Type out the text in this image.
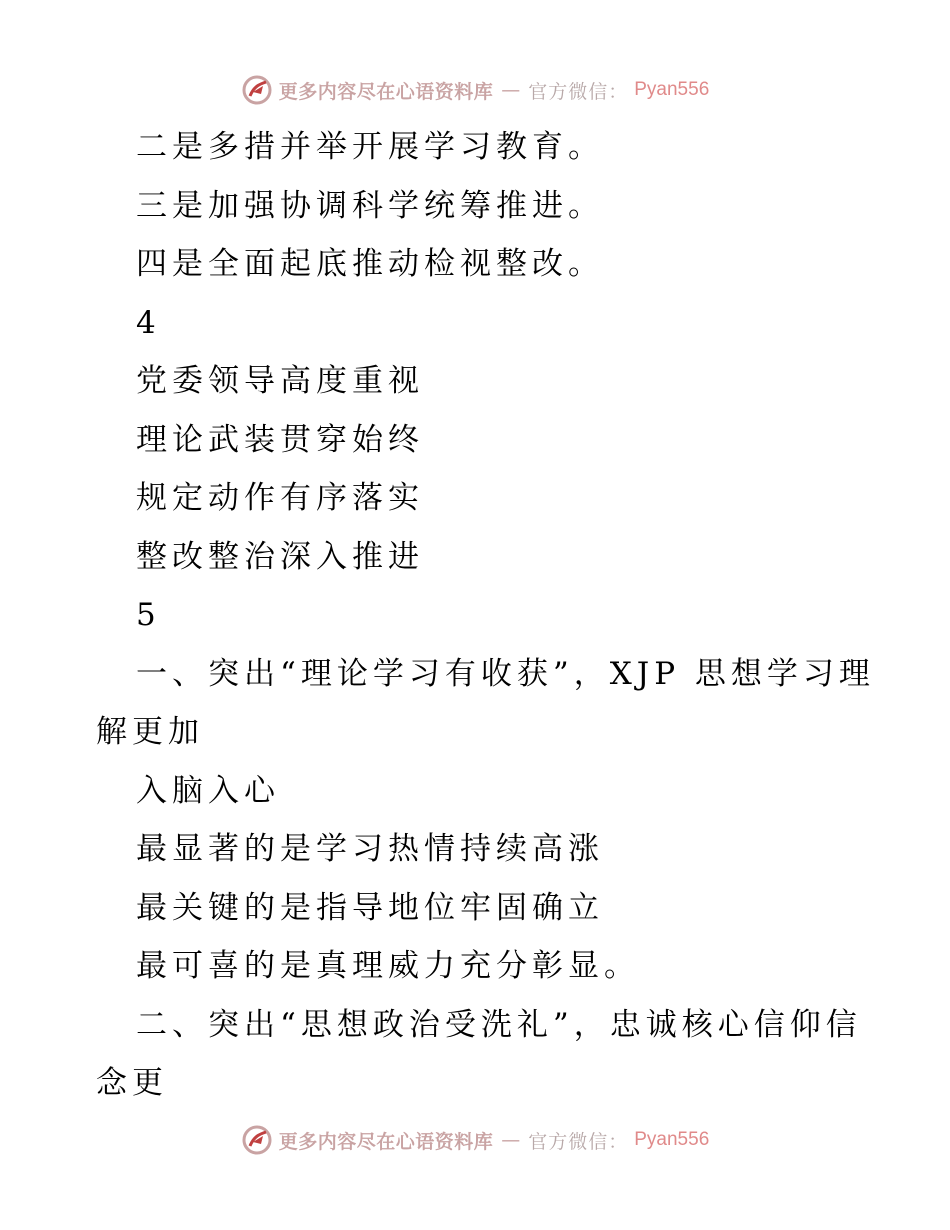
更多内容尽在心语资料库 — 官方微信： Pyan556
二是多措并举开展学习教育。
三是加强协调科学统筹推进。
四是全面起底推动检视整改。
4
党委领导高度重视
理论武装贯穿始终
规定动作有序落实
整改整治深入推进
5
一、突出“理论学习有收获”，XJP 思想学习理
解更加
入脑入心
最显著的是学习热情持续高涨
最关键的是指导地位牢固确立
最可喜的是真理威力充分彰显。
二、突出“思想政治受洗礼”，忠诚核心信仰信
念更
更多内容尽在心语资料库 — 官方微信： Pyan556
